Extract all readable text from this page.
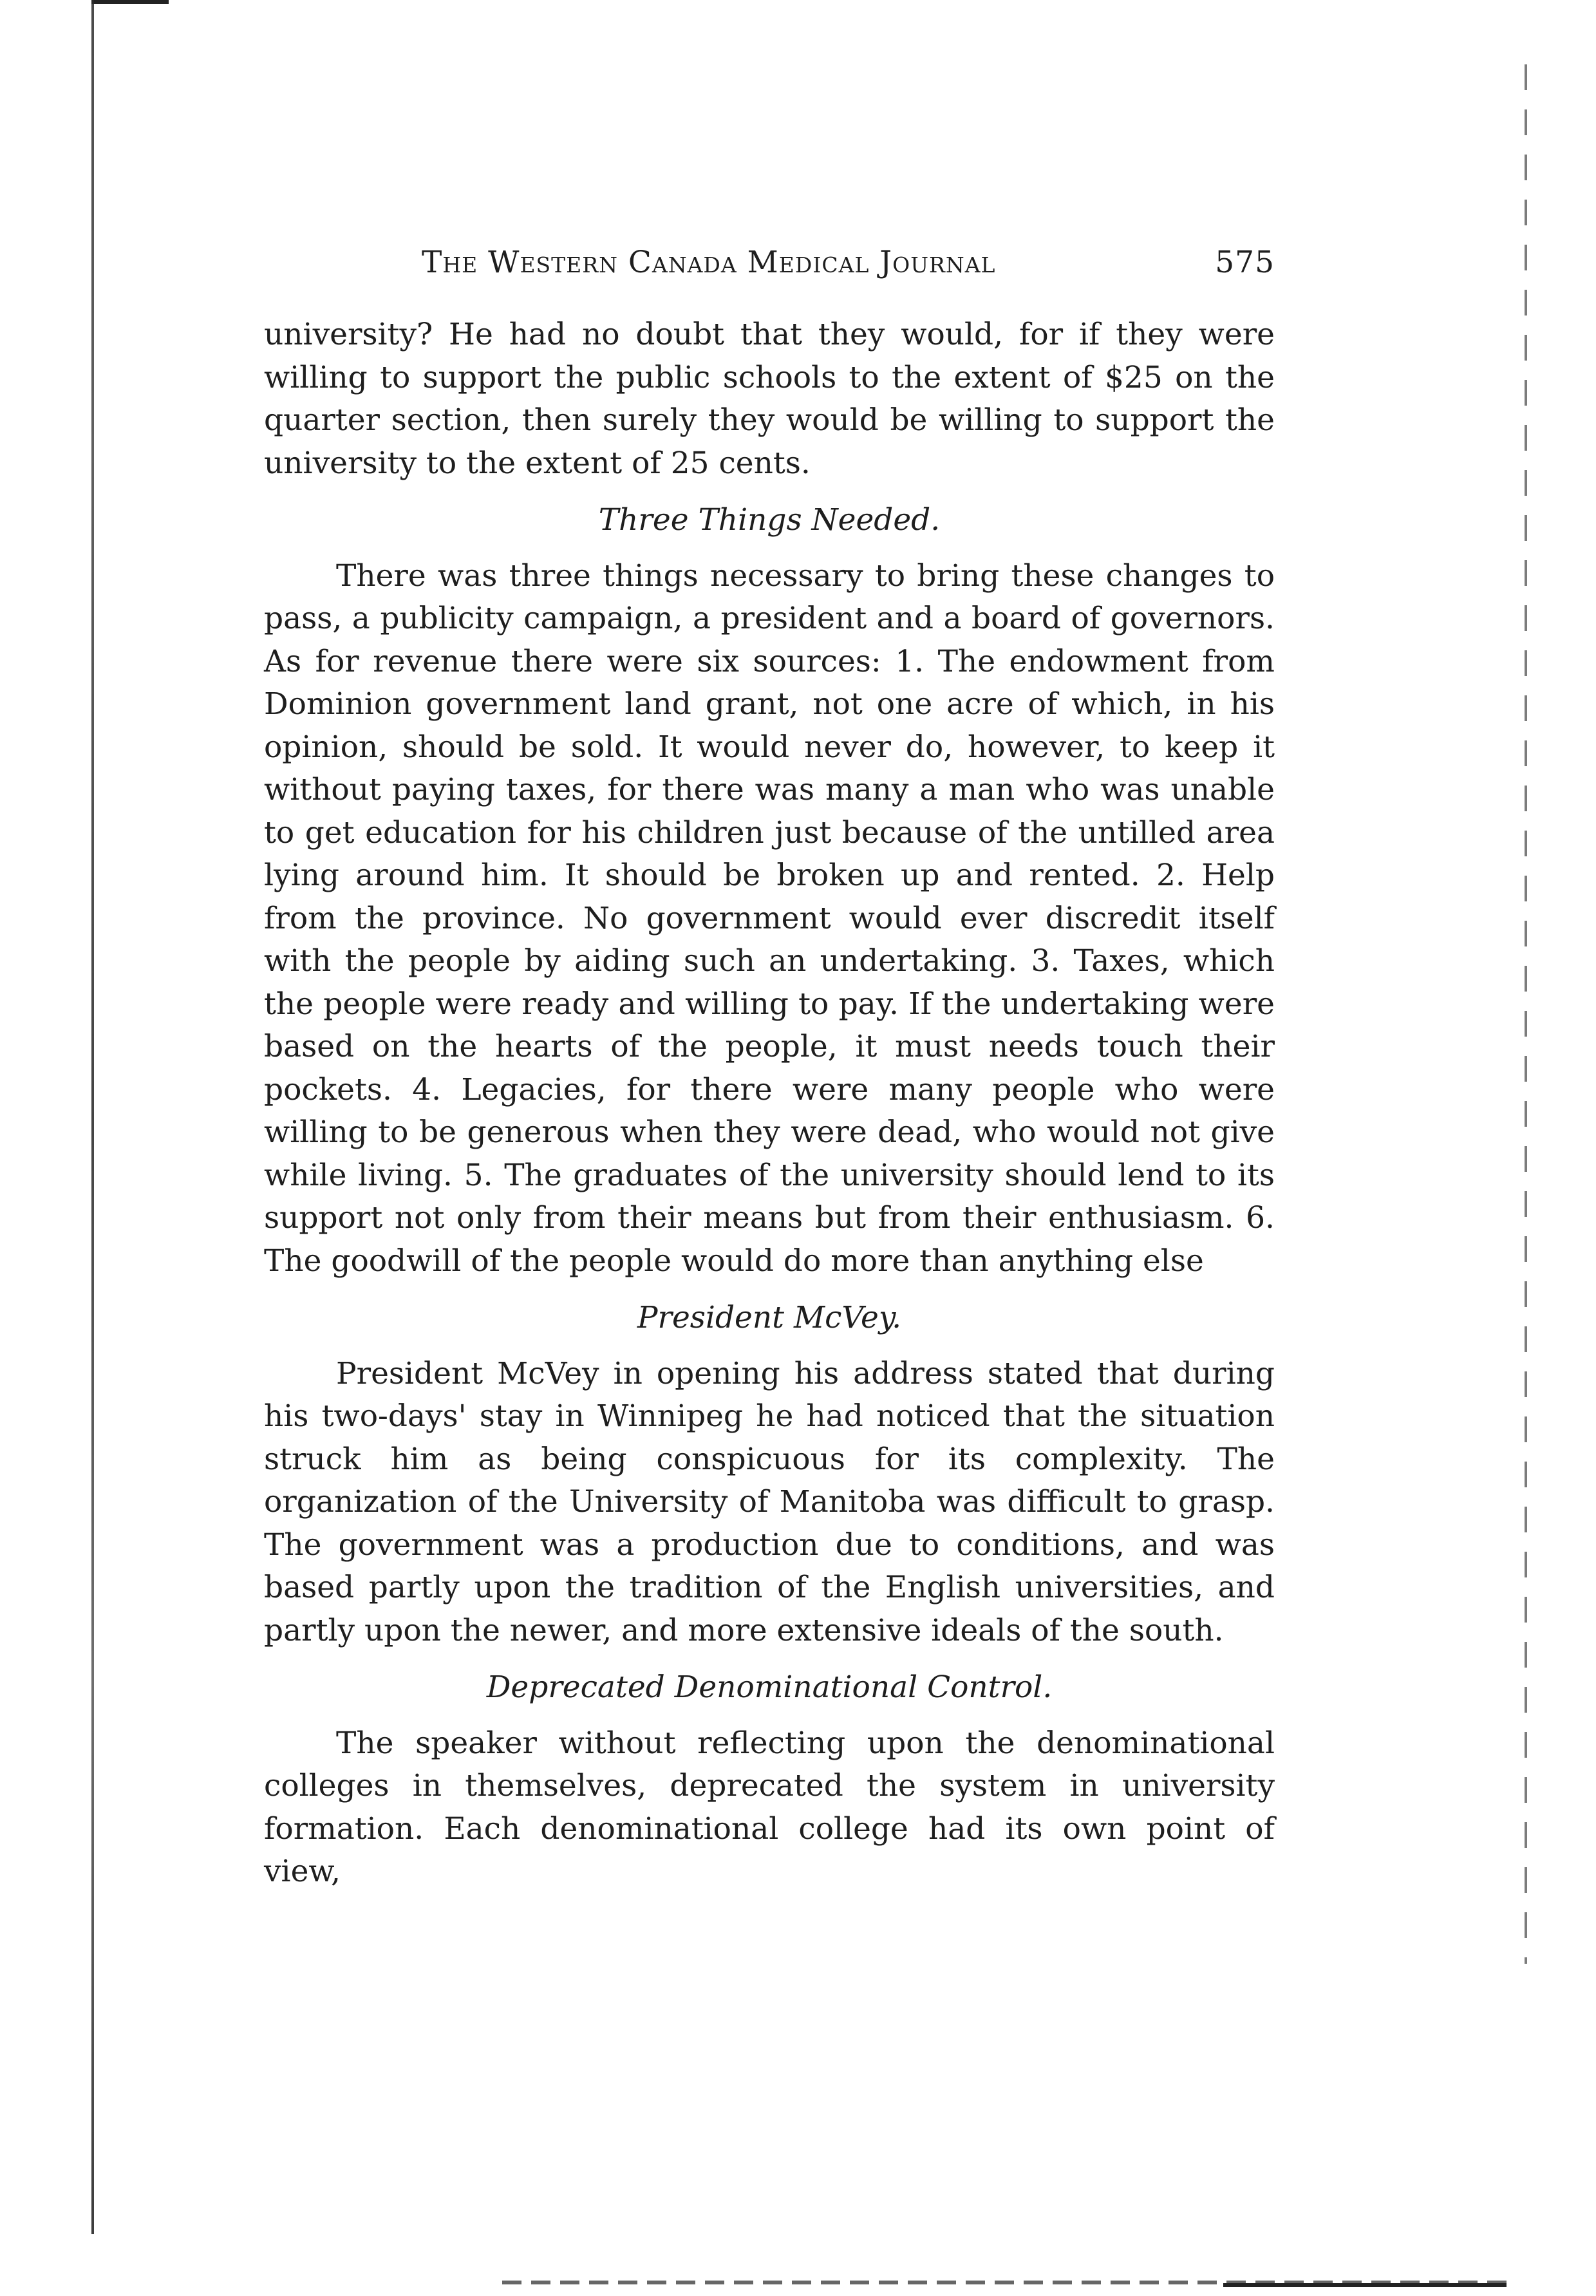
The Western Canada Medical Journal	575

university? He had no doubt that they would, for if they were willing to support the public schools to the extent of $25 on the quarter section, then surely they would be willing to support the university to the extent of 25 cents.

Three Things Needed.

There was three things necessary to bring these changes to pass, a publicity campaign, a president and a board of governors. As for revenue there were six sources: 1. The endowment from Dominion government land grant, not one acre of which, in his opinion, should be sold. It would never do, however, to keep it without paying taxes, for there was many a man who was unable to get education for his children just because of the untilled area lying around him. It should be broken up and rented. 2. Help from the province. No government would ever discredit itself with the people by aiding such an undertaking. 3. Taxes, which the people were ready and willing to pay. If the undertaking were based on the hearts of the people, it must needs touch their pockets. 4. Legacies, for there were many people who were willing to be generous when they were dead, who would not give while living. 5. The graduates of the university should lend to its support not only from their means but from their enthusiasm. 6. The goodwill of the people would do more than anything else

President McVey.

President McVey in opening his address stated that during his two-days' stay in Winnipeg he had noticed that the situation struck him as being conspicuous for its complexity. The organization of the University of Manitoba was difficult to grasp. The government was a production due to conditions, and was based partly upon the tradition of the English universities, and partly upon the newer, and more extensive ideals of the south.

Deprecated Denominational Control.

The speaker without reflecting upon the denominational colleges in themselves, deprecated the system in university formation. Each denominational college had its own point of view,
